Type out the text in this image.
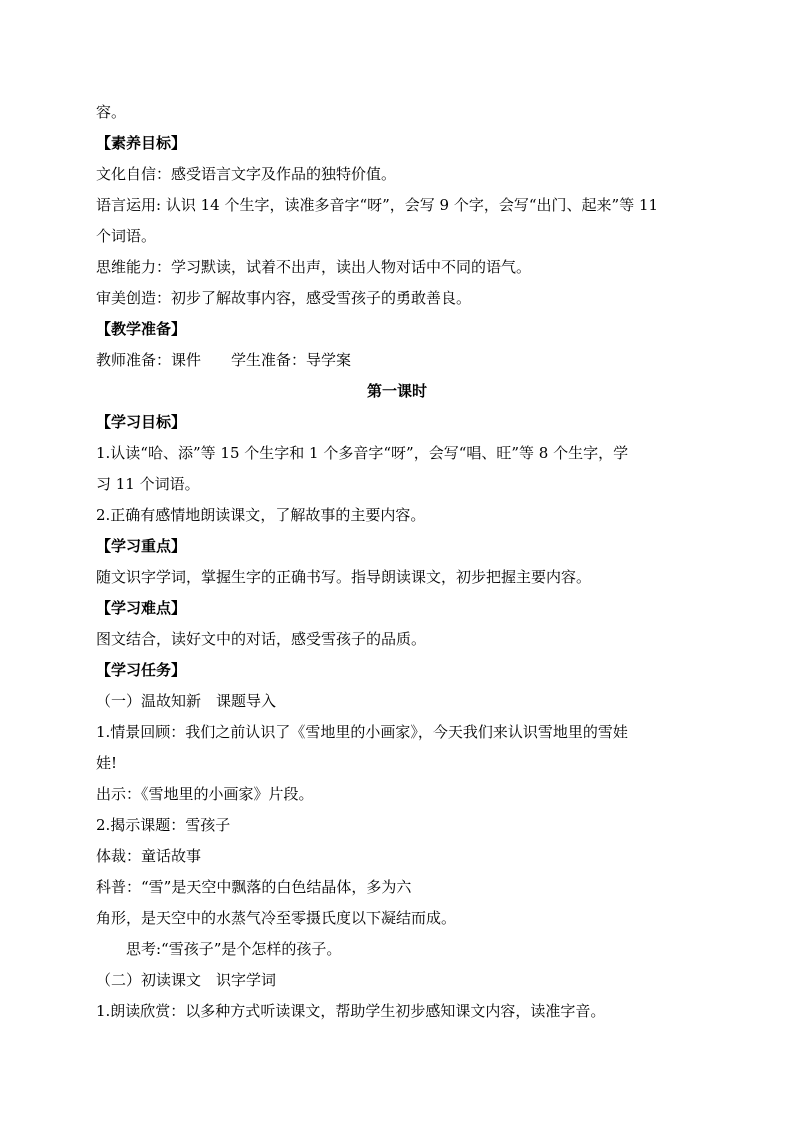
容。
【素养目标】
文化自信：感受语言文字及作品的独特价值。
语言运用: 认识 14 个生字，读准多音字“呀”，会写 9 个字，会写“出门、起来”等 11
个词语。
思维能力：学习默读，试着不出声，读出人物对话中不同的语气。
审美创造：初步了解故事内容，感受雪孩子的勇敢善良。
【教学准备】
教师准备：课件　　学生准备：导学案
第一课时
【学习目标】
1.认读“哈、添”等 15 个生字和 1 个多音字“呀”，会写“唱、旺”等 8 个生字，学
习 11 个词语。
2.正确有感情地朗读课文，了解故事的主要内容。
【学习重点】
随文识字学词，掌握生字的正确书写。指导朗读课文，初步把握主要内容。
【学习难点】
图文结合，读好文中的对话，感受雪孩子的品质。
【学习任务】
（一）温故知新　课题导入
1.情景回顾：我们之前认识了《雪地里的小画家》，今天我们来认识雪地里的雪娃
娃!
出示：《雪地里的小画家》片段。
2.揭示课题：雪孩子
体裁：童话故事
科普：“雪”是天空中飘落的白色结晶体，多为六
角形，是天空中的水蒸气冷至零摄氏度以下凝结而成。
思考:“雪孩子”是个怎样的孩子。
（二）初读课文　识字学词
1.朗读欣赏：以多种方式听读课文，帮助学生初步感知课文内容，读准字音。
